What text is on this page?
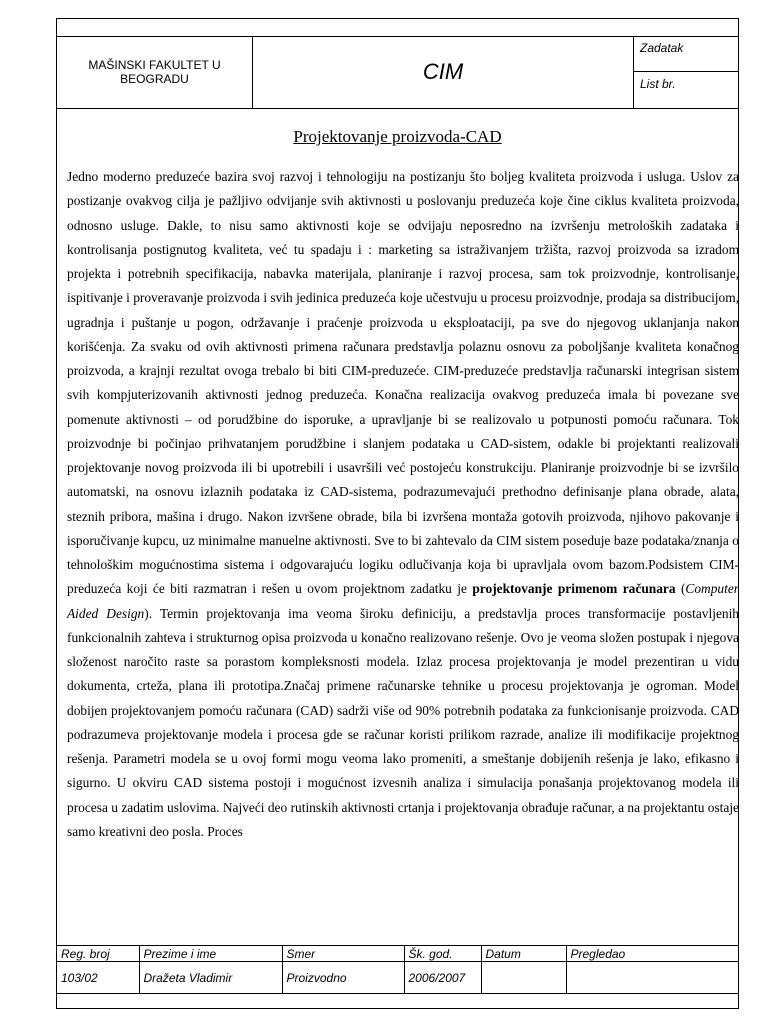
MAŠINSKI FAKULTET U BEOGRADU	CIM
Zadatak
List br.
Projektovanje proizvoda-CAD
Jedno moderno preduzeće bazira svoj razvoj i tehnologiju na postizanju što boljeg kvaliteta proizvoda i usluga. Uslov za postizanje ovakvog cilja je pažljivo odvijanje svih aktivnosti u poslovanju preduzeća koje čine ciklus kvaliteta proizvoda, odnosno usluge. Dakle, to nisu samo aktivnosti koje se odvijaju neposredno na izvršenju metroloških zadataka i kontrolisanja postignutog kvaliteta, već tu spadaju i : marketing sa istraživanjem tržišta, razvoj proizvoda sa izradom projekta i potrebnih specifikacija, nabavka materijala, planiranje i razvoj procesa, sam tok proizvodnje, kontrolisanje, ispitivanje i proveravanje proizvoda i svih jedinica preduzeća koje učestvuju u procesu proizvodnje, prodaja sa distribucijom, ugradnja i puštanje u pogon, održavanje i praćenje proizvoda u eksploataciji, pa sve do njegovog uklanjanja nakon korišćenja. Za svaku od ovih aktivnosti primena računara predstavlja polaznu osnovu za poboljšanje kvaliteta konačnog proizvoda, a krajnji rezultat ovoga trebalo bi biti CIM-preduzeće. CIM-preduzeće predstavlja računarski integrisan sistem svih kompjuterizovanih aktivnosti jednog preduzeća. Konačna realizacija ovakvog preduzeća imala bi povezane sve pomenute aktivnosti – od porudžbine do isporuke, a upravljanje bi se realizovalo u potpunosti pomoću računara. Tok proizvodnje bi počinjao prihvatanjem porudžbine i slanjem podataka u CAD-sistem, odakle bi projektanti realizovali projektovanje novog proizvoda ili bi upotrebili i usavršili već postojeću konstrukciju. Planiranje proizvodnje bi se izvršilo automatski, na osnovu izlaznih podataka iz CAD-sistema, podrazumevajući prethodno definisanje plana obrade, alata, steznih pribora, mašina i drugo. Nakon izvršene obrade, bila bi izvršena montaža gotovih proizvoda, njihovo pakovanje i isporučivanje kupcu, uz minimalne manuelne aktivnosti. Sve to bi zahtevalo da CIM sistem poseduje baze podataka/znanja o tehnološkim mogućnostima sistema i odgovarajuću logiku odlučivanja koja bi upravljala ovom bazom.Podsistem CIM-preduzeća koji će biti razmatran i rešen u ovom projektnom zadatku je projektovanje primenom računara (Computer Aided Design). Termin projektovanja ima veoma široku definiciju, a predstavlja proces transformacije postavljenih funkcionalnih zahteva i strukturnog opisa proizvoda u konačno realizovano rešenje. Ovo je veoma složen postupak i njegova složenost naročito raste sa porastom kompleksnosti modela. Izlaz procesa projektovanja je model prezentiran u vidu dokumenta, crteža, plana ili prototipa.Značaj primene računarske tehnike u procesu projektovanja je ogroman. Model dobijen projektovanjem pomoću računara (CAD) sadrži više od 90% potrebnih podataka za funkcionisanje proizvoda. CAD podrazumeva projektovanje modela i procesa gde se računar koristi prilikom razrade, analize ili modifikacije projektnog rešenja. Parametri modela se u ovoj formi mogu veoma lako promeniti, a smeštanje dobijenih rešenja je lako, efikasno i sigurno. U okviru CAD sistema postoji i mogućnost izvesnih analiza i simulacija ponašanja projektovanog modela ili procesa u zadatim uslovima. Najveći deo rutinskih aktivnosti crtanja i projektovanja obrađuje računar, a na projektantu ostaje samo kreativni deo posla. Proces
Reg. broj	Prezime i ime	Smer	Šk. god.	Datum	Pregledao
103/02	Dražeta Vladimir	Proizvodno	2006/2007		
